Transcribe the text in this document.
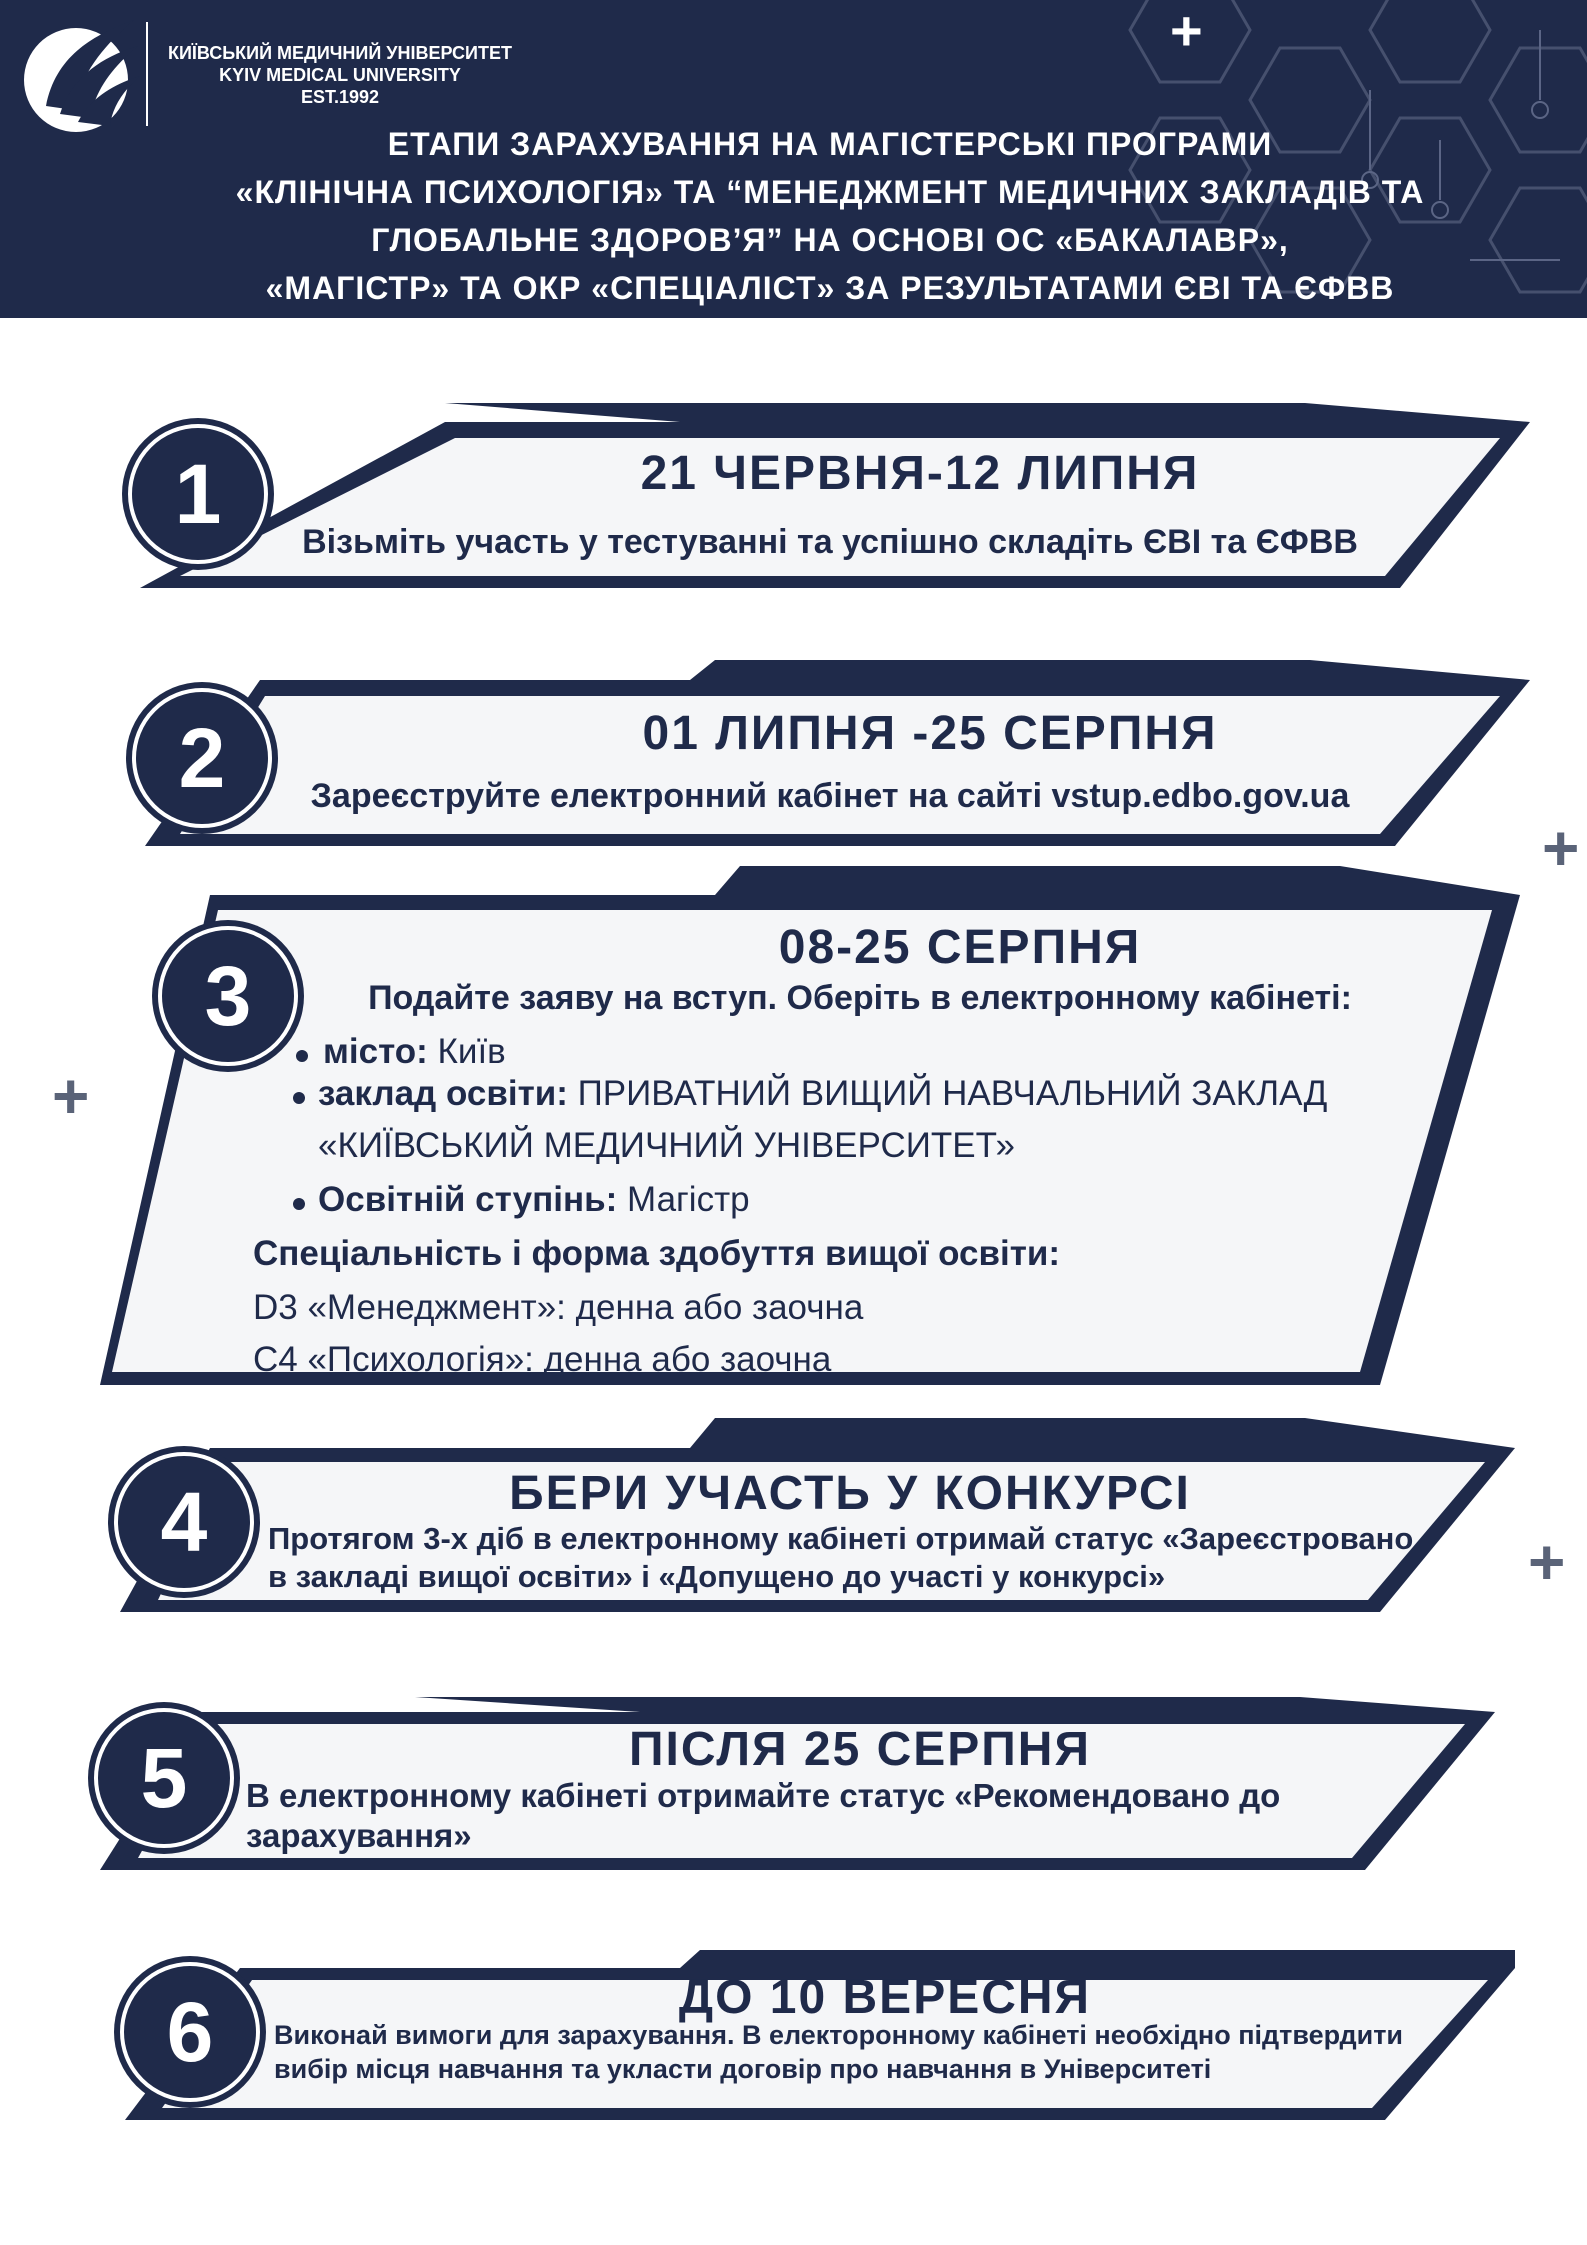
+
КИЇВСЬКИЙ МЕДИЧНИЙ УНІВЕРСИТЕТ
KYIV MEDICAL UNIVERSITY
EST.1992
ЕТАПИ ЗАРАХУВАННЯ НА МАГІСТЕРСЬКІ ПРОГРАМИ
«КЛІНІЧНА ПСИХОЛОГІЯ» ТА “МЕНЕДЖМЕНТ МЕДИЧНИХ ЗАКЛАДІВ ТА
ГЛОБАЛЬНЕ ЗДОРОВ’Я” НА ОСНОВІ ОС «БАКАЛАВР»,
«МАГІСТР» ТА ОКР «СПЕЦІАЛІСТ» ЗА РЕЗУЛЬТАТАМИ ЄВІ ТА ЄФВВ
+
+
+
1	21 ЧЕРВНЯ-12 ЛИПНЯ
Візьміть участь у тестуванні та успішно складіть ЄВІ та ЄФВВ
2	01 ЛИПНЯ -25 СЕРПНЯ
Зареєструйте електронний кабінет на сайті vstup.edbo.gov.ua
3
08-25 СЕРПНЯ
Подайте заяву на вступ. Оберіть в електронному кабінеті:
місто: Київ
заклад освіти: ПРИВАТНИЙ ВИЩИЙ НАВЧАЛЬНИЙ ЗАКЛАД
«КИЇВСЬКИЙ МЕДИЧНИЙ УНІВЕРСИТЕТ»
Освітній ступінь: Магістр
Спеціальність і форма здобуття вищої освіти:
D3 «Менеджмент»: денна або заочна
C4 «Психологія»: денна або заочна
4	БЕРИ УЧАСТЬ У КОНКУРСІ
Протягом 3-х діб в електронному кабінеті отримай статус «Зареєстровано
в закладі вищої освіти» і «Допущено до участі у конкурсі»
5	ПІСЛЯ 25 СЕРПНЯ
В електронному кабінеті отримайте статус «Рекомендовано до
зарахування»
6	ДО 10 ВЕРЕСНЯ
Виконай вимоги для зарахування. В електоронному кабінеті необхідно підтвердити
вибір місця навчання та укласти договір про навчання в Університеті
